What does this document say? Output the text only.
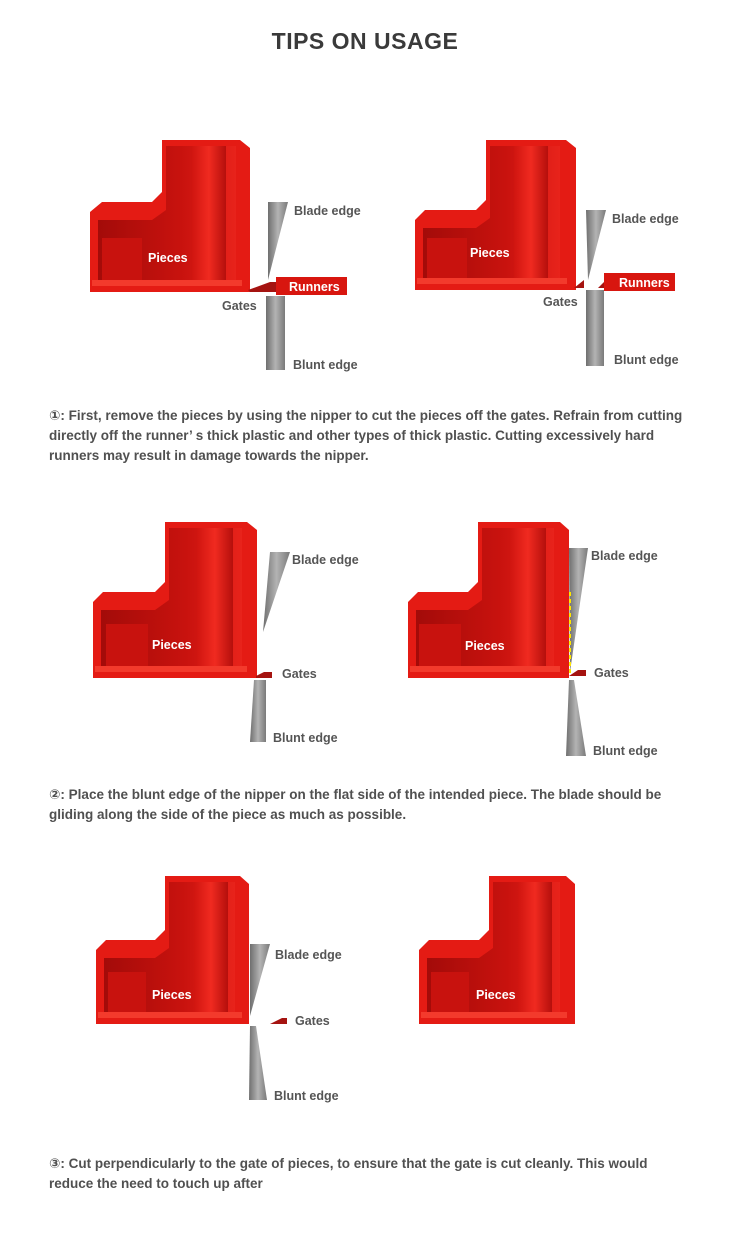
TIPS ON USAGE
Pieces
Blade edge
Blunt edge
Runners
Gates
Pieces
Blade edge
Blunt edge
Runners
Gates
①: First, remove the pieces by using the nipper to cut the pieces off the gates. Refrain from cutting directly off the runner’ s thick plastic and other types of thick plastic. Cutting excessively hard runners may result in damage towards the nipper.
Pieces
Blade edge
Gates
Blunt edge
Pieces
Blade edge
Gates
Blunt edge
②: Place the blunt edge of the nipper on the flat side of the intended piece. The blade should be gliding along the side of the piece as much as possible.
Pieces
Blade edge
Gates
Blunt edge
Pieces
③: Cut perpendicularly to the gate of pieces, to ensure that the gate is cut cleanly. This would reduce the need to touch up after
